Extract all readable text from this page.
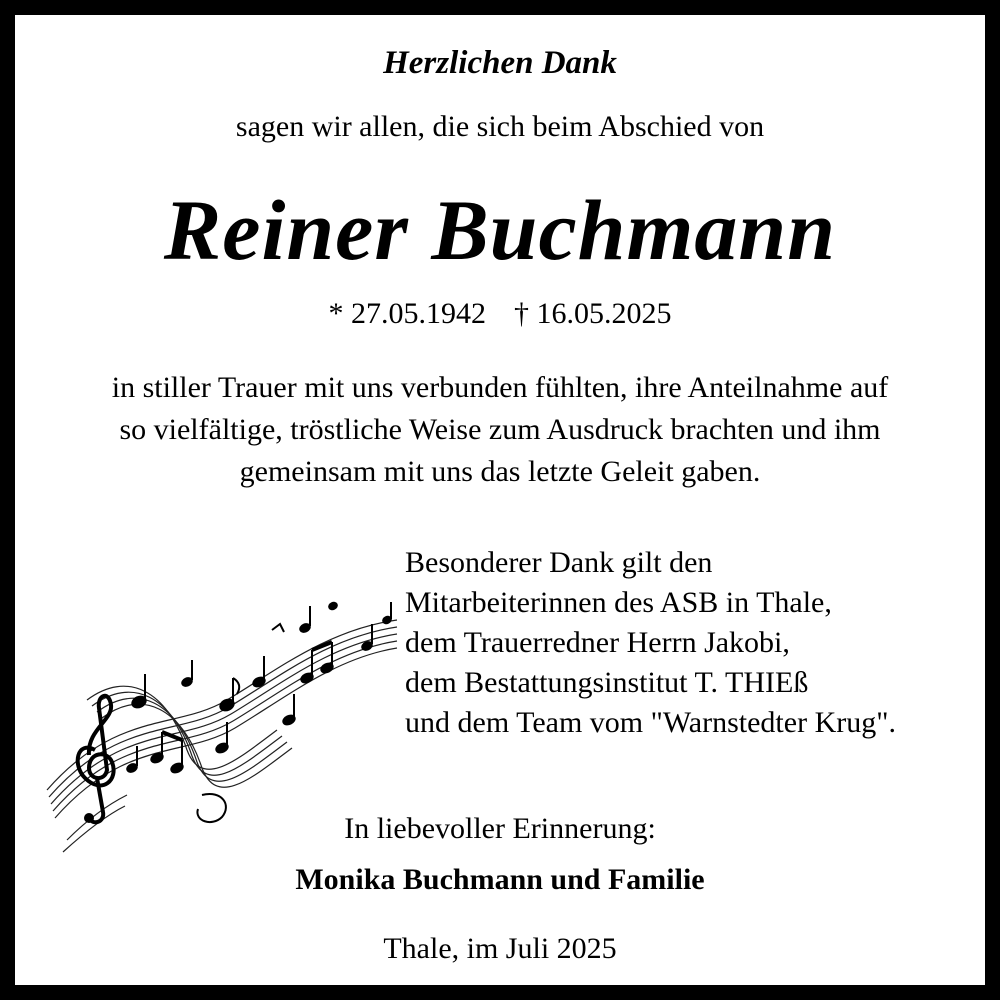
Herzlichen Dank
sagen wir allen, die sich beim Abschied von
Reiner Buchmann
* 27.05.1942 † 16.05.2025
in stiller Trauer mit uns verbunden fühlten, ihre Anteilnahme auf
so vielfältige, tröstliche Weise zum Ausdruck brachten und ihm
gemeinsam mit uns das letzte Geleit gaben.
Besonderer Dank gilt den
Mitarbeiterinnen des ASB in Thale,
dem Trauerredner Herrn Jakobi,
dem Bestattungsinstitut T. THIEß
und dem Team vom "Warnstedter Krug".
In liebevoller Erinnerung:
Monika Buchmann und Familie
Thale, im Juli 2025
